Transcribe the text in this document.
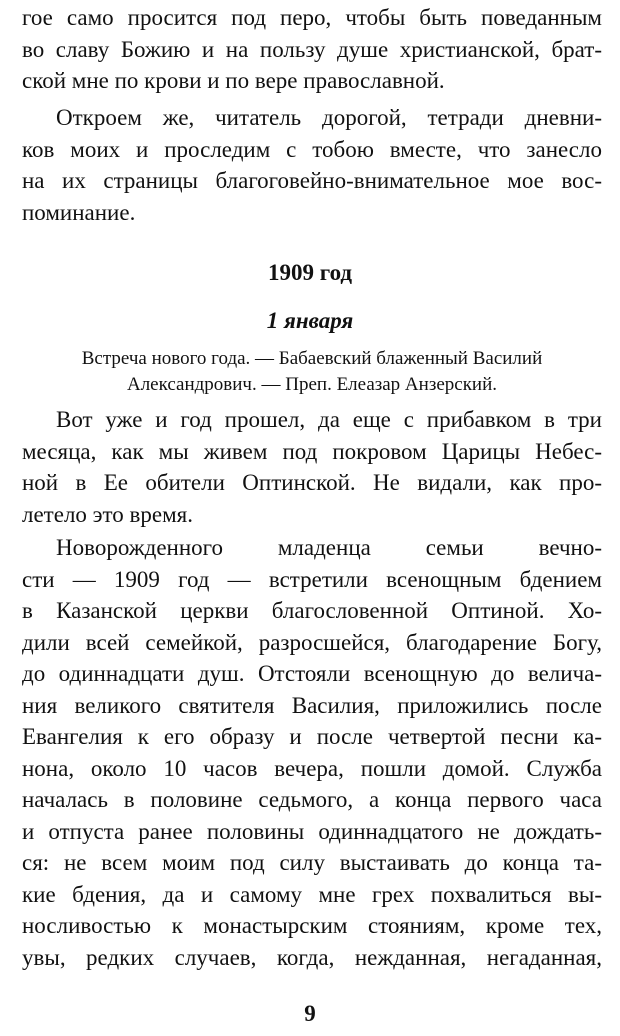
гое само просится под перо, чтобы быть поведанным
во славу Божию и на пользу душе христианской, брат-
ской мне по крови и по вере православной.

Откроем же, читатель дорогой, тетради дневни-
ков моих и проследим с тобою вместе, что занесло
на их страницы благоговейно-внимательное мое вос-
поминание.

1909 год
1 января

Встреча нового года. — Бабаевский блаженный Василий
Александрович. — Преп. Елеазар Анзерский.

Вот уже и год прошел, да еще с прибавком в три
месяца, как мы живем под покровом Царицы Небес-
ной в Ее обители Оптинской. Не видали, как про-
летело это время.

Новорожденного младенца семьи вечно-
сти — 1909 год — встретили всенощным бдением
в Казанской церкви благословенной Оптиной. Хо-
дили всей семейкой, разросшейся, благодарение Богу,
до одиннадцати душ. Отстояли всенощную до велича-
ния великого святителя Василия, приложились после
Евангелия к его образу и после четвертой песни ка-
нона, около 10 часов вечера, пошли домой. Служба
началась в половине седьмого, а конца первого часа
и отпуста ранее половины одиннадцатого не дождать-
ся: не всем моим под силу выстаивать до конца та-
кие бдения, да и самому мне грех похвалиться вы-
носливостью к монастырским стояниям, кроме тех,
увы, редких случаев, когда, нежданная, негаданная,

9
